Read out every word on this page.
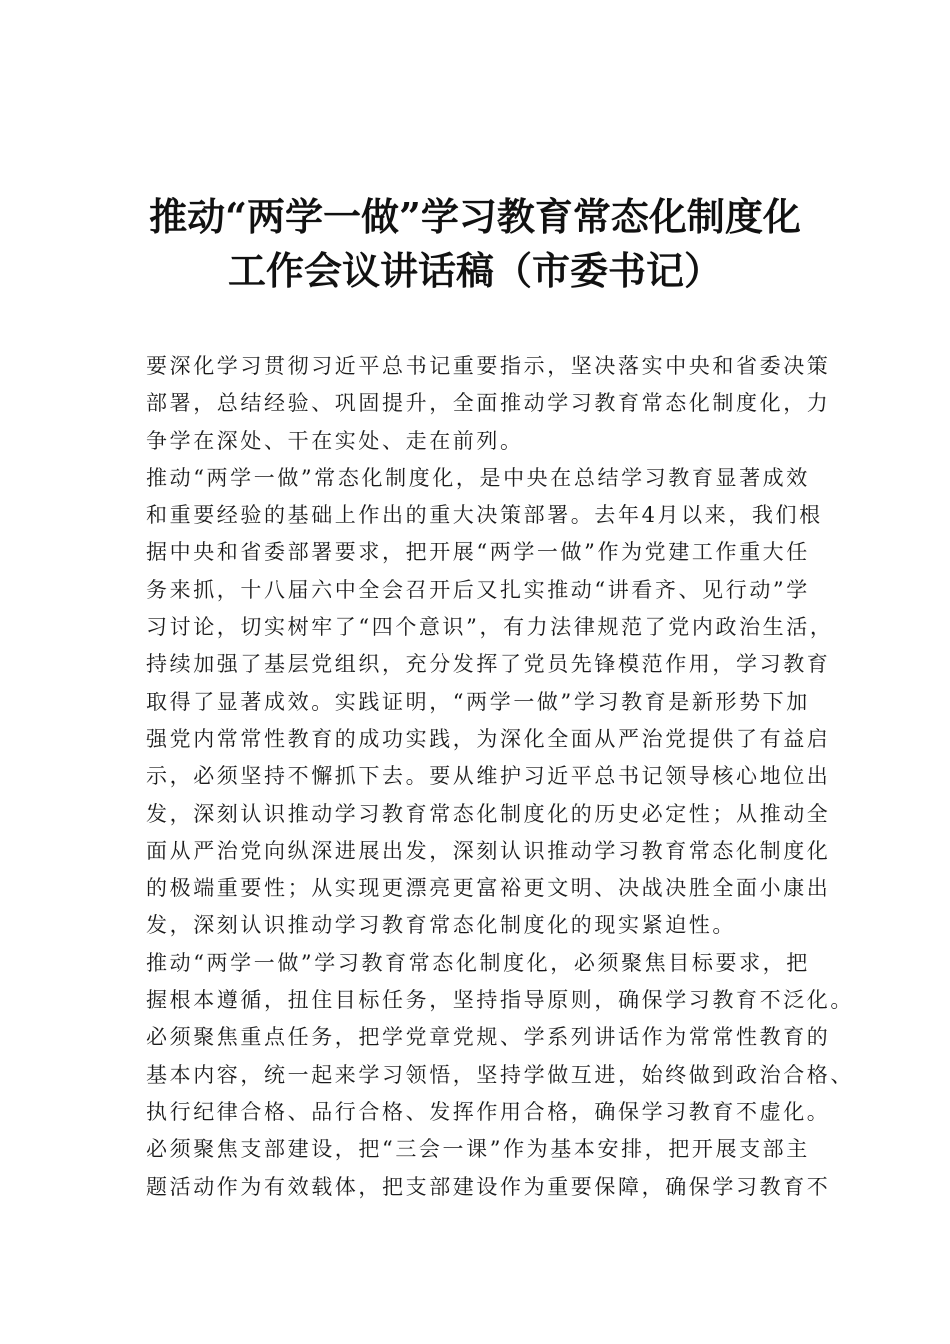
推动“两学一做”学习教育常态化制度化
工作会议讲话稿（市委书记）
要深化学习贯彻习近平总书记重要指示，坚决落实中央和省委决策
部署，总结经验、巩固提升，全面推动学习教育常态化制度化，力
争学在深处、干在实处、走在前列。
推动“两学一做”常态化制度化，是中央在总结学习教育显著成效
和重要经验的基础上作出的重大决策部署。去年4月以来，我们根
据中央和省委部署要求，把开展“两学一做”作为党建工作重大任
务来抓，十八届六中全会召开后又扎实推动“讲看齐、见行动”学
习讨论，切实树牢了“四个意识”，有力法律规范了党内政治生活，
持续加强了基层党组织，充分发挥了党员先锋模范作用，学习教育
取得了显著成效。实践证明，“两学一做”学习教育是新形势下加
强党内常常性教育的成功实践，为深化全面从严治党提供了有益启
示，必须坚持不懈抓下去。要从维护习近平总书记领导核心地位出
发，深刻认识推动学习教育常态化制度化的历史必定性；从推动全
面从严治党向纵深进展出发，深刻认识推动学习教育常态化制度化
的极端重要性；从实现更漂亮更富裕更文明、决战决胜全面小康出
发，深刻认识推动学习教育常态化制度化的现实紧迫性。
推动“两学一做”学习教育常态化制度化，必须聚焦目标要求，把
握根本遵循，扭住目标任务，坚持指导原则，确保学习教育不泛化。
必须聚焦重点任务，把学党章党规、学系列讲话作为常常性教育的
基本内容，统一起来学习领悟，坚持学做互进，始终做到政治合格、
执行纪律合格、品行合格、发挥作用合格，确保学习教育不虚化。
必须聚焦支部建设，把“三会一课”作为基本安排，把开展支部主
题活动作为有效载体，把支部建设作为重要保障，确保学习教育不
